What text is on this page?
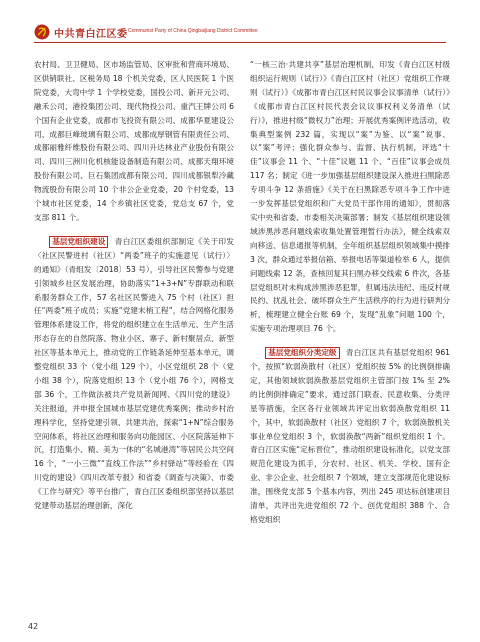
中共青白江区委 Communist Party of China Qingbaijiang District Committee

农村局、卫卫健局、区市场监管局、区审批和营商环境局、区供销联社、区税务局 18 个机关党委，区人民医院 1 个医院党委，大弯中学 1 个学校党委，国投公司、新开元公司、融禾公司、港投集团公司、现代物投公司、重汽王牌公司 6 个国有企业党委，成都市飞投资有限公司、成都华夏建设公司、成都巨峰玻璃有限公司、成都成厚钢管有限责任公司、成都丽雅纤维股份有限公司、四川升达林业产业股份有限公司、四川三洲川化机核能设备制造有限公司、成都天翔环境股份有限公司、巨石集团成都有限公司、四川成都银犁冷藏物流股份有限公司 10 个非公企业党委，20 个村党委，13 个城市社区党委，14 个乡镇社区党委，党总支 67 个，党支部 811 个。

基层党组织建设 青白江区委组织部制定《关于印发〈社区民警进村（社区）“两委”班子的实施意见（试行）〉的通知》（青组发〔2018〕53 号），引导社区民警参与党建引领城乡社区发展治理，协助落实“1+3+N”专群联动和联系服务群众工作，57 名社区民警进入 75 个村（社区）担任“两委”班子成员；实施“党建末梢工程”，结合网格化服务管理体系建设工作，将党的组织建立在生活单元、生产生活形态存在的自然院落、物业小区、寨子、新村聚居点、新型社区等基本单元上，推动党的工作链条延伸至基本单元，调整党组织 33 个（党小组 129 个），小区党组织 28 个（党小组 38 个），院落党组织 13 个（党小组 76 个），网格支部 36 个，工作做法被共产党员新闻网、《四川党的建设》关注报道，并申报全国城市基层党建优秀案例；推动乡村治理科学化，坚持党建引领、共建共治，探索“1+N”综合服务空间体系，将社区治理和服务向功能园区、小区院落延伸下沉，打造集小、精、美为一体的“名城港湾”等居民公共空间 16 个，“一小三微”“直线工作法”“乡村驿站”等经验在《四川党的建设》《四川改革专报》和省委《调查与决策》、市委《工作与研究》等平台推广，青白江区委组织部坚持以基层党建带动基层治理创新，深化

“一核三治·共建共享”基层治理机制，印发《青白江区村级组织运行规则（试行）》《青白江区村（社区）党组织工作规则（试行）》《成都市青白江区村民议事会议事清单（试行）》《成都市青白江区村民代表会议议事权利义务清单（试行）》，推进村级“微权力”治理；开展优秀案例评选活动，收集典型案例 232 篇，实现以“案”为鉴、以“案”说事、以“案”考评；强化群众参与、监督、执行机制，评选“十佳”议事会 11 个、“十佳”议题 11 个、“百佳”议事会成员 117 名；制定《进一步加强基层组织建设深入推进扫黑除恶专项斗争 12 条措施》《关于在扫黑除恶专项斗争工作中进一步发挥基层党组织和广大党员干部作用的通知》，贯彻落实中央和省委、市委相关决策部署；制发《基层组织建设领域涉黑涉恶问题线索收集处置管理暂行办法》，健全线索双向移送、信息通报等机制，全年组织基层组织领域集中摸排 3 次，群众通过举报信箱、举报电话等渠道检举 6 人，提供问题线索 12 条，查核回复其扫黑办移交线索 6 件次，各基层党组织对未构成涉黑涉恶犯罪，但属违法违纪、违反村规民约、扰乱社会、破坏群众生产生活秩序的行为进行研判分析，梳理建立健全台账 69 个，发现“乱象”问题 100 个，实施专项治理项目 76 个。

基层党组织分类定级 青白江区共有基层党组织 961 个，按照“软弱涣散村（社区）党组织按 5% 的比例倒排确定，其他领域软弱涣散基层党组织主管部门按 1% 至 2% 的比例倒排确定”要求，通过部门联查、民意收集、分类评星等措施，全区各行业领域共评定出软弱涣散党组织 11 个，其中，软弱涣散村（社区）党组织 7 个，软弱涣散机关事业单位党组织 3 个，软弱涣散“两新”组织党组织 1 个。青白江区实施“定标晋位”，推动组织建设标准化，以党支部规范化建设为抓手，分农村、社区、机关、学校、国有企业、非公企业、社会组织 7 个领域，建立支部规范化建设标准，围绕党支部 5 个基本内容，列出 245 项达标创建项目清单，共评出先进党组织 72 个、创优党组织 388 个、合格党组织

42
